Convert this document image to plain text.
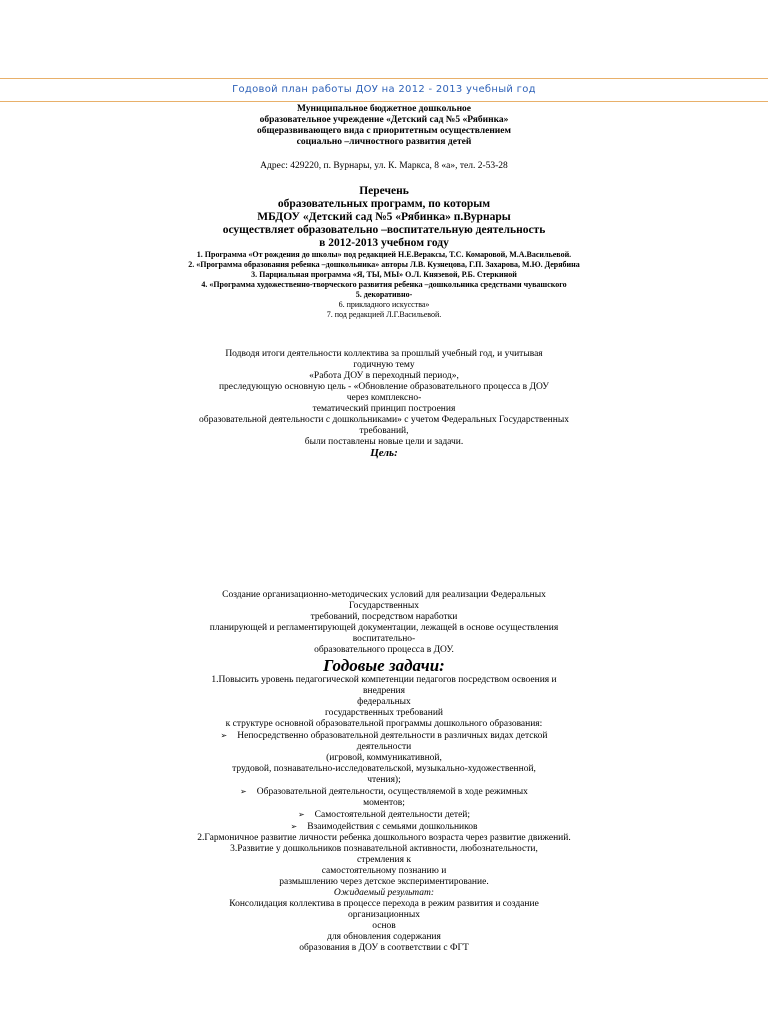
Годовой план работы ДОУ на 2012 - 2013 учебный год
Муниципальное бюджетное дошкольное
образовательное учреждение «Детский сад №5 «Рябинка»
общеразвивающего вида с приоритетным осуществлением
социально –личностного развития детей
Адрес: 429220, п. Вурнары, ул. К. Маркса, 8 «а», тел. 2-53-28
Перечень
образовательных программ, по которым
МБДОУ «Детский сад №5 «Рябинка» п.Вурнары
осуществляет образовательно –воспитательную деятельность
в 2012-2013 учебном году
1. Программа «От рождения до школы» под редакцией Н.Е.Вераксы, Т.С. Комаровой, М.А.Васильевой.
2. «Программа образования ребенка –дошкольника» авторы Л.В. Кузнецова, Г.П. Захарова, М.Ю. Дерябина
3. Парциальная программа «Я, ТЫ, МЫ» О.Л. Князевой, Р.Б. Стеркиной
4. «Программа художественно-творческого развития ребенка –дошкольника средствами чувашского
5. декоративно-
6. прикладного искусства»
7. под редакцией Л.Г.Васильевой.
Подводя итоги деятельности коллектива за прошлый учебный год, и учитывая
годичную тему
«Работа ДОУ в переходный период»,
преследующую основную цель - «Обновление образовательного процесса в ДОУ
через комплексно-
тематический принцип построения
образовательной деятельности с дошкольниками» с учетом Федеральных Государственных
требований,
были поставлены новые цели и задачи.
Цель:
Создание организационно-методических условий для реализации Федеральных
Государственных
требований, посредством наработки
планирующей и регламентирующей документации, лежащей в основе осуществления
воспитательно-
образовательного процесса в ДОУ.
Годовые задачи:
1.Повысить уровень педагогической компетенции педагогов посредством освоения и
внедрения
федеральных
государственных требований
к структуре основной образовательной программы дошкольного образования:
➢ Непосредственно образовательной деятельности в различных видах детской
деятельности
(игровой, коммуникативной,
трудовой, познавательно-исследовательской, музыкально-художественной,
чтения);
➢ Образовательной деятельности, осуществляемой в ходе режимных
моментов;
➢ Самостоятельной деятельности детей;
➢ Взаимодействия с семьями дошкольников
2.Гармоничное развитие личности ребенка дошкольного возраста через развитие движений.
3.Развитие у дошкольников познавательной активности, любознательности,
стремления к
самостоятельному познанию и
размышлению через детское экспериментирование.
Ожидаемый результат:
Консолидация коллектива в процессе перехода в режим развития и создание
организационных
основ
для обновления содержания
образования в ДОУ в соответствии с ФГТ
